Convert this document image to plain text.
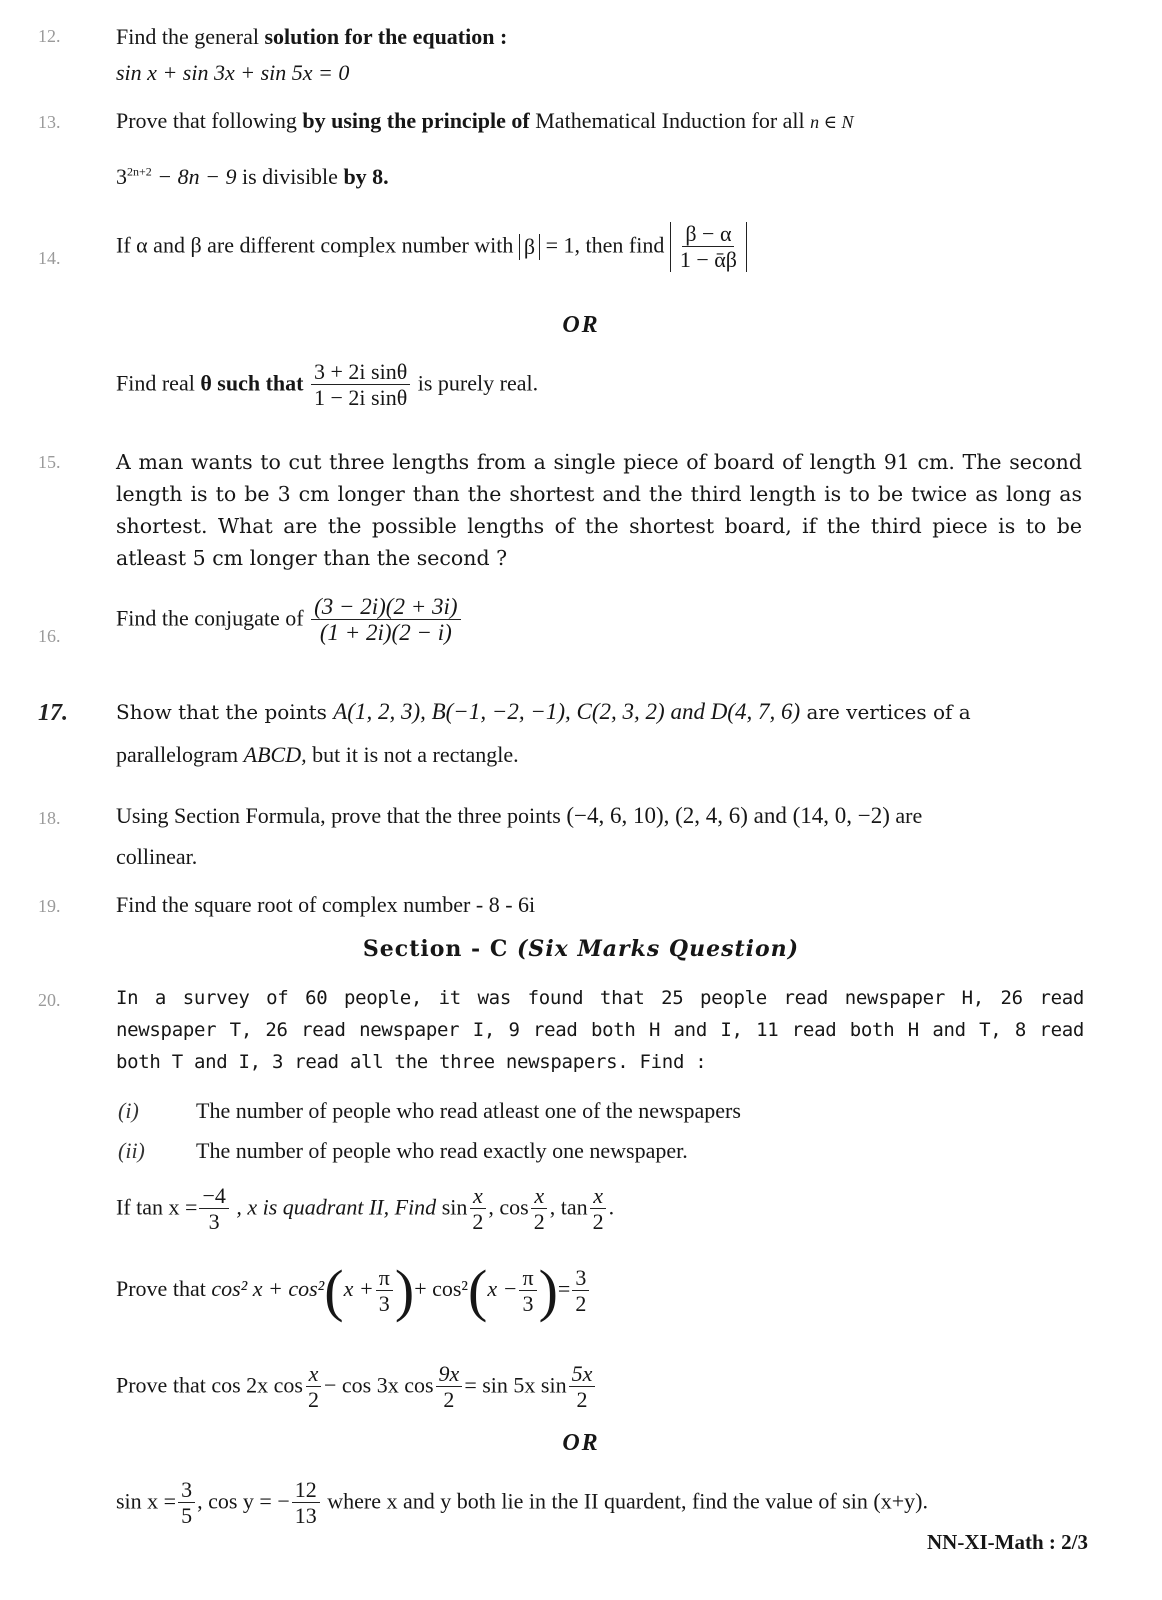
12.	Find the general solution for the equation :
sin x + sin 3x + sin 5x = 0
13.	Prove that following by using the principle of Mathematical Induction for all n ∈ N
$3^{2n+2} - 8n - 9$ is divisible by 8.
14.
If α and β are different complex number with β = 1, then find $\frac{\beta - \alpha}{\text{1 − ᾱβ}}$
OR
Find real θ such that $\frac{\text{3 + 2i sinθ}}{\text{1 − 2i sinθ}}$ is purely real.
15.	A man wants to cut three lengths from a single piece of board of length 91 cm. The second length is to be 3 cm longer than the shortest and the third length is to be twice as long as shortest. What are the possible lengths of the shortest board, if the third piece is to be atleast 5 cm longer than the second ?
16.
Find the conjugate of $\frac{(3 - 2i)(2 + 3i)}{(1 + 2i)(2 - i)}$
17. Show that the points A(1, 2, 3), B(−1, −2, −1), C(2, 3, 2) and D(4, 7, 6) are vertices of a
parallelogram ABCD, but it is not a rectangle.
18.	Using Section Formula, prove that the three points (−4, 6, 10), (2, 4, 6) and (14, 0, −2) are
collinear.
19.	Find the square root of complex number - 8 - 6i
Section - C (Six Marks Question)
20.	In a survey of 60 people, it was found that 25 people read newspaper H, 26 read newspaper T, 26 read newspaper I, 9 read both H and I, 11 read both H and T, 8 read both T and I, 3 read all the three newspapers. Find :
(i)	The number of people who read atleast one of the newspapers
(ii) The number of people who read exactly one newspaper.
If $\tan x = \frac{-4}{3}$ , x is quadrant II, Find $\sin \frac{x}{2}$ , $\cos \frac{x}{2}$ , $\tan \frac{x}{2}$ .
Prove that cos² $x + \cos^2(x + \frac{\pi}{3}$ )+ $\cos^2(x - \frac{\pi}{3}$ )= $\frac{3}{2}$
Prove that cos 2x $\cos \frac{x}{2} - \cos 3x$ $\cos \frac{9x}{2} = \sin 5x$ $\sin \frac{5x}{2}$
OR
$\sin x = \frac{3}{5}$ , cos y = − $\frac{12}{13}$ where x and y both lie in the II quardent, find the value of sin (x+y).
NN-XI-Math : 2/3
